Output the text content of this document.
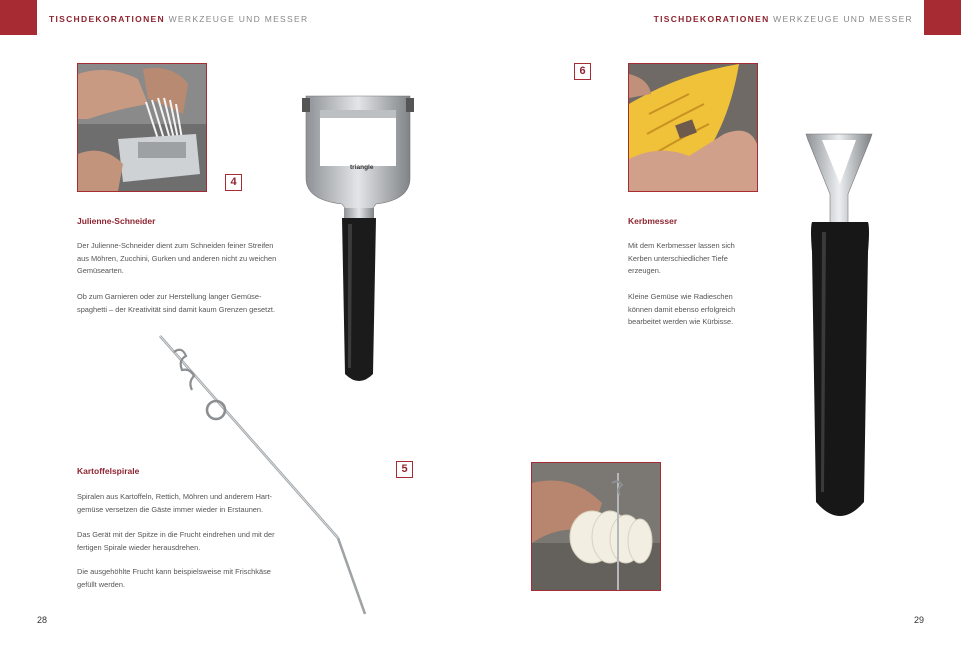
TISCHDEKORATIONEN WERKZEUGE UND MESSER	TISCHDEKORATIONEN WERKZEUGE UND MESSER
4
Julienne-Schneider

Der Julienne-Schneider dient zum Schneiden feiner Streifen
aus Möhren, Zucchini, Gurken und anderen nicht zu weichen
Gemüsearten.

Ob zum Garnieren oder zur Herstellung langer Gemüse-
spaghetti – der Kreativität sind damit kaum Grenzen gesetzt.

triangle
5
Kartoffelspirale

Spiralen aus Kartoffeln, Rettich, Möhren und anderem Hart-
gemüse versetzen die Gäste immer wieder in Erstaunen.

Das Gerät mit der Spitze in die Frucht eindrehen und mit der
fertigen Spirale wieder herausdrehen.

Die ausgehöhlte Frucht kann beispielsweise mit Frischkäse
gefüllt werden.

6
Kerbmesser

Mit dem Kerbmesser lassen sich
Kerben unterschiedlicher Tiefe
erzeugen.

Kleine Gemüse wie Radieschen
können damit ebenso erfolgreich
bearbeitet werden wie Kürbisse.

28	29
